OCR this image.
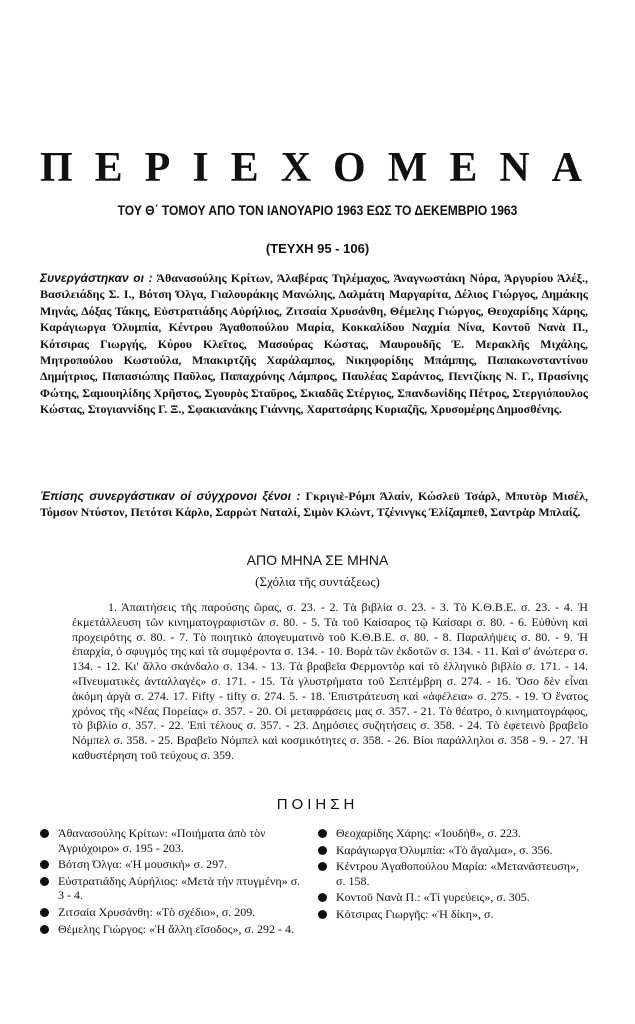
ΠΕΡΙΕΧΟΜΕΝΑ
ΤΟΥ Θ΄ ΤΟΜΟΥ ΑΠΟ ΤΟΝ ΙΑΝΟΥΑΡΙΟ 1963 ΕΩΣ ΤΟ ΔΕΚΕΜΒΡΙΟ 1963
(ΤΕΥΧΗ 95 - 106)
Συνεργάστηκαν οι : Άθανασούλης Κρίτων, Άλαβέρας Τηλέμαχος, Άναγνωστάκη Νόρα, Άργυρίου Άλέξ., Βασιλειάδης Σ. Ι., Βότση Όλγα, Γιαλουράκης Μανώλης, Δαλμάτη Μαργαρίτα, Δέλιος Γιώργος, Δημάκης Μηνάς, Δόξας Τάκης, Εὐστρατιάδης Αὐρήλιος, Ζιτσαία Χρυσάνθη, Θέμελης Γιώργος, Θεοχαρίδης Χάρης, Καράγιωργα Όλυμπία, Κέντρου Άγαθοπούλου Μαρία, Κοκκαλίδου Ναχμία Νίνα, Κοντοῦ Νανὰ Π., Κότσιρας Γιωργής, Κύρου Κλεῖτος, Μασούρας Κώστας, Μαυρουδῆς Έ. Μερακλῆς Μιχάλης, Μητροπούλου Κωστούλα, Μπακιρτζῆς Χαράλαμπος, Νικηφορίδης Μπάμπης, Παπακωνσταντίνου Δημήτριος, Παπασιώπης Παῦλος, Παπαχρόνης Λάμπρος, Παυλέας Σαράντος, Πεντζίκης Ν. Γ., Πρασίνης Φώτης, Σαμουηλίδης Χρῆστος, Σγουρὸς Σταῦρος, Σκιαδᾶς Στέργιος, Σπανδωνίδης Πέτρος, Στεργιόπουλος Κώστας, Στογιαννίδης Γ. Ξ., Σφακιανάκης Γιάννης, Χαρατσάρης Κυριαζῆς, Χρυσομέρης Δημοσθένης.
Έπίσης συνεργάστικαν οί σύγχρονοι ξένοι : Γκριγιὲ-Ρόμπ Άλαίν, Κώσλεϋ Τσάρλ, Μπυτὸρ Μισέλ, Τόμσον Ντύστον, Πετότσι Κάρλο, Σαρρὼτ Ναταλί, Σιμὸν Κλὼντ, Τζένινγκς Έλίζαμπεθ, Σαντρὰρ Μπλαίζ.
ΑΠΟ ΜΗΝΑ ΣΕ ΜΗΝΑ
(Σχόλια τῆς συντάξεως)
1. Άπαιτήσεις τῆς παρούσης ὥρας, σ. 23. - 2. Τὰ βιβλία σ. 23. - 3. Τὸ Κ.Θ.Β.Ε. σ. 23. - 4. Ἡ ἐκμετάλλευση τῶν κινηματογραφιστῶν σ. 80. - 5. Τὰ τοῦ Καίσαρος τῷ Καίσαρι σ. 80. - 6. Εὐθύνη καὶ προχειρότης σ. 80. - 7. Τὸ ποιητικὸ ἀπογευματινὸ τοῦ Κ.Θ.Β.Ε. σ. 80. - 8. Παραλήψεις σ. 80. - 9. Ἡ ἐπαρχία, ὁ σφυγμός της καὶ τὰ συμφέροντα σ. 134. - 10. Βορὰ τῶν ἐκδοτῶν σ. 134. - 11. Καὶ σ' ἀνώτερα σ. 134. - 12. Κι' ἄλλο σκάνδαλο σ. 134. - 13. Τὰ βραβεῖα Φερμοντὸρ καὶ τὸ ἑλληνικὸ βιβλίο σ. 171. - 14. «Πνευματικὲς ἀνταλλαγές» σ. 171. - 15. Τὰ γλυστρήματα τοῦ Σεπτέμβρη σ. 274. - 16. Ὅσο δὲν εἶναι ἀκόμη ἀργὰ σ. 274. 17. Fifty - tifty σ. 274. 5. - 18. Ἐπιστράτευση καὶ «ἀφέλεια» σ. 275. - 19. Ὁ ἔνατος χρόνος τῆς «Νέας Πορείας» σ. 357. - 20. Οἱ μεταφράσεις μας σ. 357. - 21. Τὸ θέατρο, ὁ κινηματογράφος, τὸ βιβλίο σ. 357. - 22. Ἐπὶ τέλους σ. 357. - 23. Δημόσιες συζητήσεις σ. 358. - 24. Τὸ ἐφετεινὸ βραβεῖο Νόμπελ σ. 358. - 25. Βραβεῖο Νόμπελ καὶ κοσμικότητες σ. 358. - 26. Βίοι παράλληλοι σ. 358 - 9. - 27. Ἡ καθυστέρηση τοῦ τεύχους σ. 359.
ΠΟΙΗΣΗ
Άθανασούλης Κρίτων: «Ποιήματα ἀπὸ τὸν Ἀγριόχοιρο» σ. 195 - 203.
Βότση Όλγα: «Ἡ μουσική» σ. 297.
Εὐστρατιάδης Αὐρήλιος: «Μετὰ τὴν πτυγμένη» σ. 3 - 4.
Ζιτσαία Χρυσάνθη: «Τὸ σχέδιο», σ. 209.
Θέμελης Γιώργος: «Ἡ ἄλλη εἴσοδος», σ. 292 - 4.
Θεοχαρίδης Χάρης: «Ἰουδήθ», σ. 223.
Καράγιωργα Όλυμπία: «Τὸ ἄγαλμα», σ. 356.
Κέντρου Ἀγαθοπούλου Μαρία: «Μετανάστευση», σ. 158.
Κοντοῦ Νανὰ Π.: «Τί γυρεύεις», σ. 305.
Κότσιρας Γιωργῆς: «Ἡ δίκη», σ.
